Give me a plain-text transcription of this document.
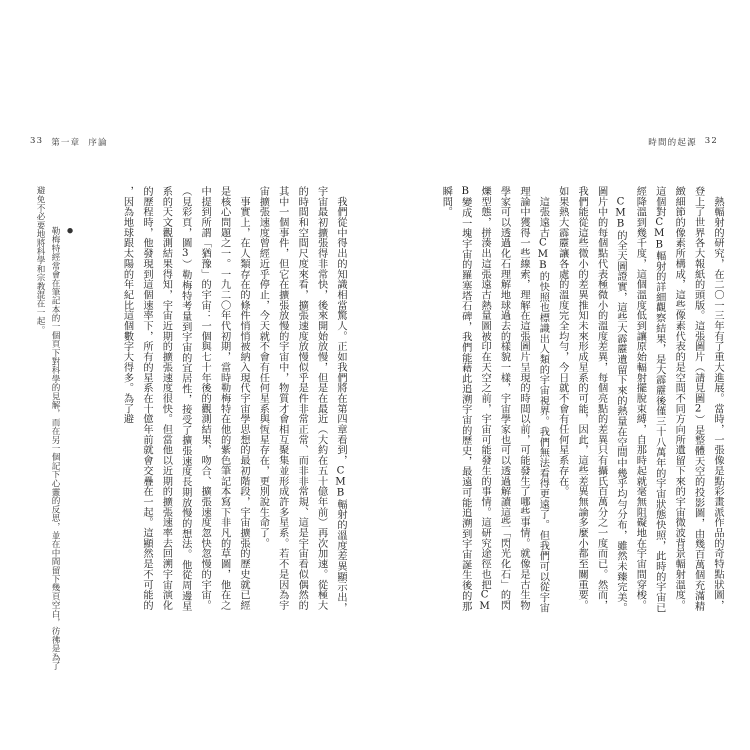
33 第一章 序論	時間的起源 32
　熱輻射的研究，在二〇一三年有了重大進展。當時，一張像是點彩畫派作品的奇特點狀圖，
登上了世界各大報紙的頭版。這張圖片（請見圖2）是整體天空的投影圖，由幾百萬個充滿精
緻細節的像素所構成，這些像素代表的是空間不同方向所遺留下來的宇宙微波背景輻射溫度。
這個對CMB輻射的詳細觀察結果，是大霹靂後僅三十八萬年的宇宙狀態快照，此時的宇宙已
經降溫到幾千度，這個溫度低到讓原始輻射擺脫束縛，自那時起就毫無阻礙地在宇宙間穿梭。
　CMB的全天圖證實，這些大霹靂遺留下來的熱量在空間中幾乎均勻分布，雖然未臻完美。
圖片中的每個點代表極微小的溫度差異，每個亮點的差異只有攝氏百萬分之一度而已。然而，
我們能從這些微小的差異推知未來形成星系的可能，因此，這些差異無論多麼小都至關重要。
如果熱大霹靂讓各處的溫度完全均勻，今日就不會有任何星系存在。
　這張遠古CMB的快照也標識出人類的宇宙視界。我們無法看得更遠了。但我們可以從宇宙
理論中獲得一些線索，理解在這張圖片呈現的時間以前，可能發生了哪些事情。就像是古生物
學家可以透過化石理解地球過去的樣貌一樣，宇宙學家也可以透過解讀這些「閃光化石」的閃
爍型態，拼湊出這張遠古熱量圖被印在天空之前，宇宙可能發生的事情。這研究途徑也把CM
B變成一塊宇宙的羅塞塔石碑，我們能藉此追溯宇宙的歷史，最遠可能追溯到宇宙誕生後的那
瞬間。
　我們從中得出的知識相當驚人。正如我們將在第四章看到，CMB輻射的溫度差異顯示出，
宇宙最初擴張得非常快，後來開始放慢，但是在最近（大約在五十億年前）再次加速。從極大
的時間和空間尺度來看，擴張速度放慢似乎是件非常正常、而非非常規、這是宇宙看似偶然的
其中一個事件，但它在擴張放慢的宇宙中，物質才會相互聚集並形成許多星系。若不是因為宇
宙擴張速度曾經近乎停止，今天就不會有任何星系與恆星存在，更別說生命了。
　事實上，在人類存在的條件悄悄被納入現代宇宙學思想的最初階段，宇宙擴張的歷史就已經
是核心問題之一。一九二〇年代初期，當時勒梅特在他的紫色筆記本寫下非凡的草圖，他在之
中提到所謂「猶豫」的宇宙：一個與七十年後的觀測結果，吻合、擴張速度忽快忽慢的宇宙。
（見彩頁，圖3）勒梅特考量到宇宙的宜居性，接受了擴張速度長期放慢的想法。他從周邊星
系的天文觀測結果得知，宇宙近期的擴張速度很快。但當他以近期的擴張速率去回溯宇宙演化
的歷程時，他發現到這個速率下，所有的星系在十億年前就會交疊在一起。這顯然是不可能的
，因為地球跟太陽的年紀比這個數字大得多。為了避

●
勒梅特經常會在筆記本的一個頁下對科學的見解，而在另一個記下心靈的反思，並在中間留下幾頁空白，彷彿是為了
避免不必要地將科學和宗教混在一起。
